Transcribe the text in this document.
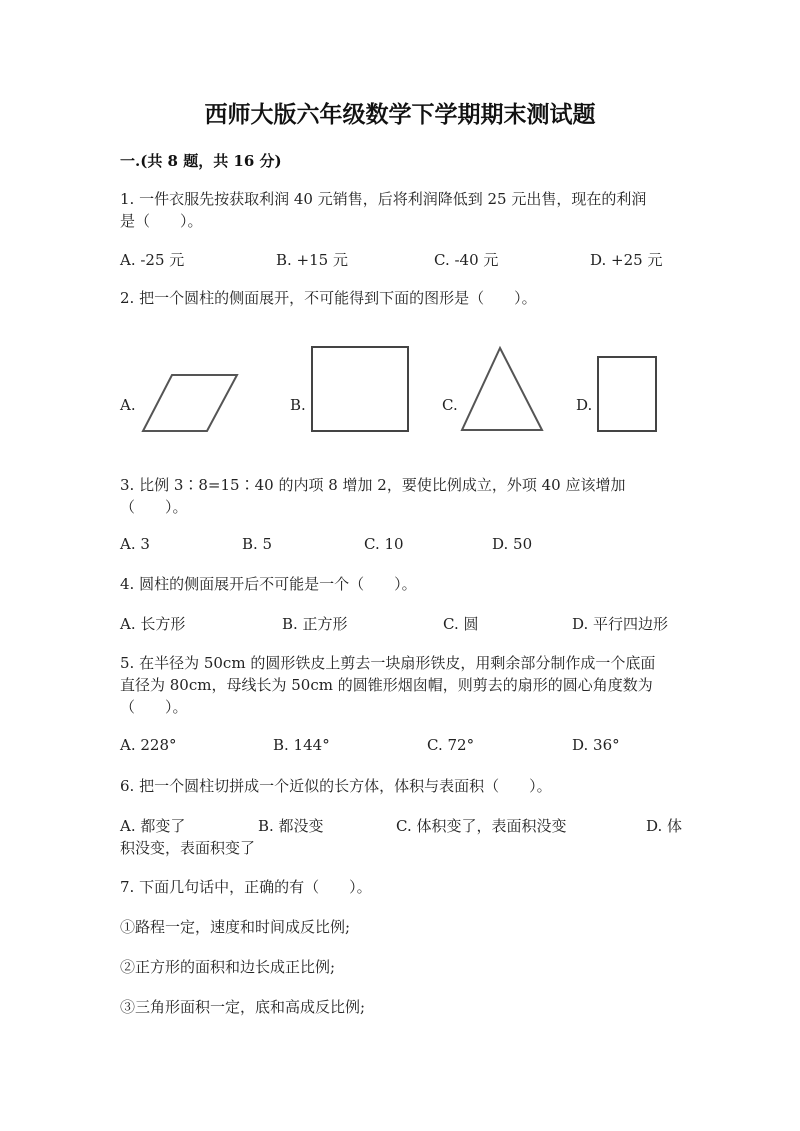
西师大版六年级数学下学期期末测试题
一.(共 8 题，共 16 分)
1. 一件衣服先按获取利润 40 元销售，后将利润降低到 25 元出售，现在的利润
是（　　）。
A. -25 元	B. +15 元	C. -40 元	D. +25 元
2. 把一个圆柱的侧面展开，不可能得到下面的图形是（　　）。
A.	B.	C.	D.
3. 比例 3∶8=15∶40 的内项 8 增加 2，要使比例成立，外项 40 应该增加
（　　）。
A. 3	B. 5	C. 10	D. 50
4. 圆柱的侧面展开后不可能是一个（　　）。
A. 长方形	B. 正方形	C. 圆	D. 平行四边形
5. 在半径为 50cm 的圆形铁皮上剪去一块扇形铁皮，用剩余部分制作成一个底面
直径为 80cm，母线长为 50cm 的圆锥形烟囱帽，则剪去的扇形的圆心角度数为
（　　）。
A. 228°	B. 144°	C. 72°	D. 36°
6. 把一个圆柱切拼成一个近似的长方体，体积与表面积（　　）。
A. 都变了	B. 都没变	C. 体积变了，表面积没变	D. 体
积没变，表面积变了
7. 下面几句话中，正确的有（　　）。
①路程一定，速度和时间成反比例;
②正方形的面积和边长成正比例;
③三角形面积一定，底和高成反比例;
